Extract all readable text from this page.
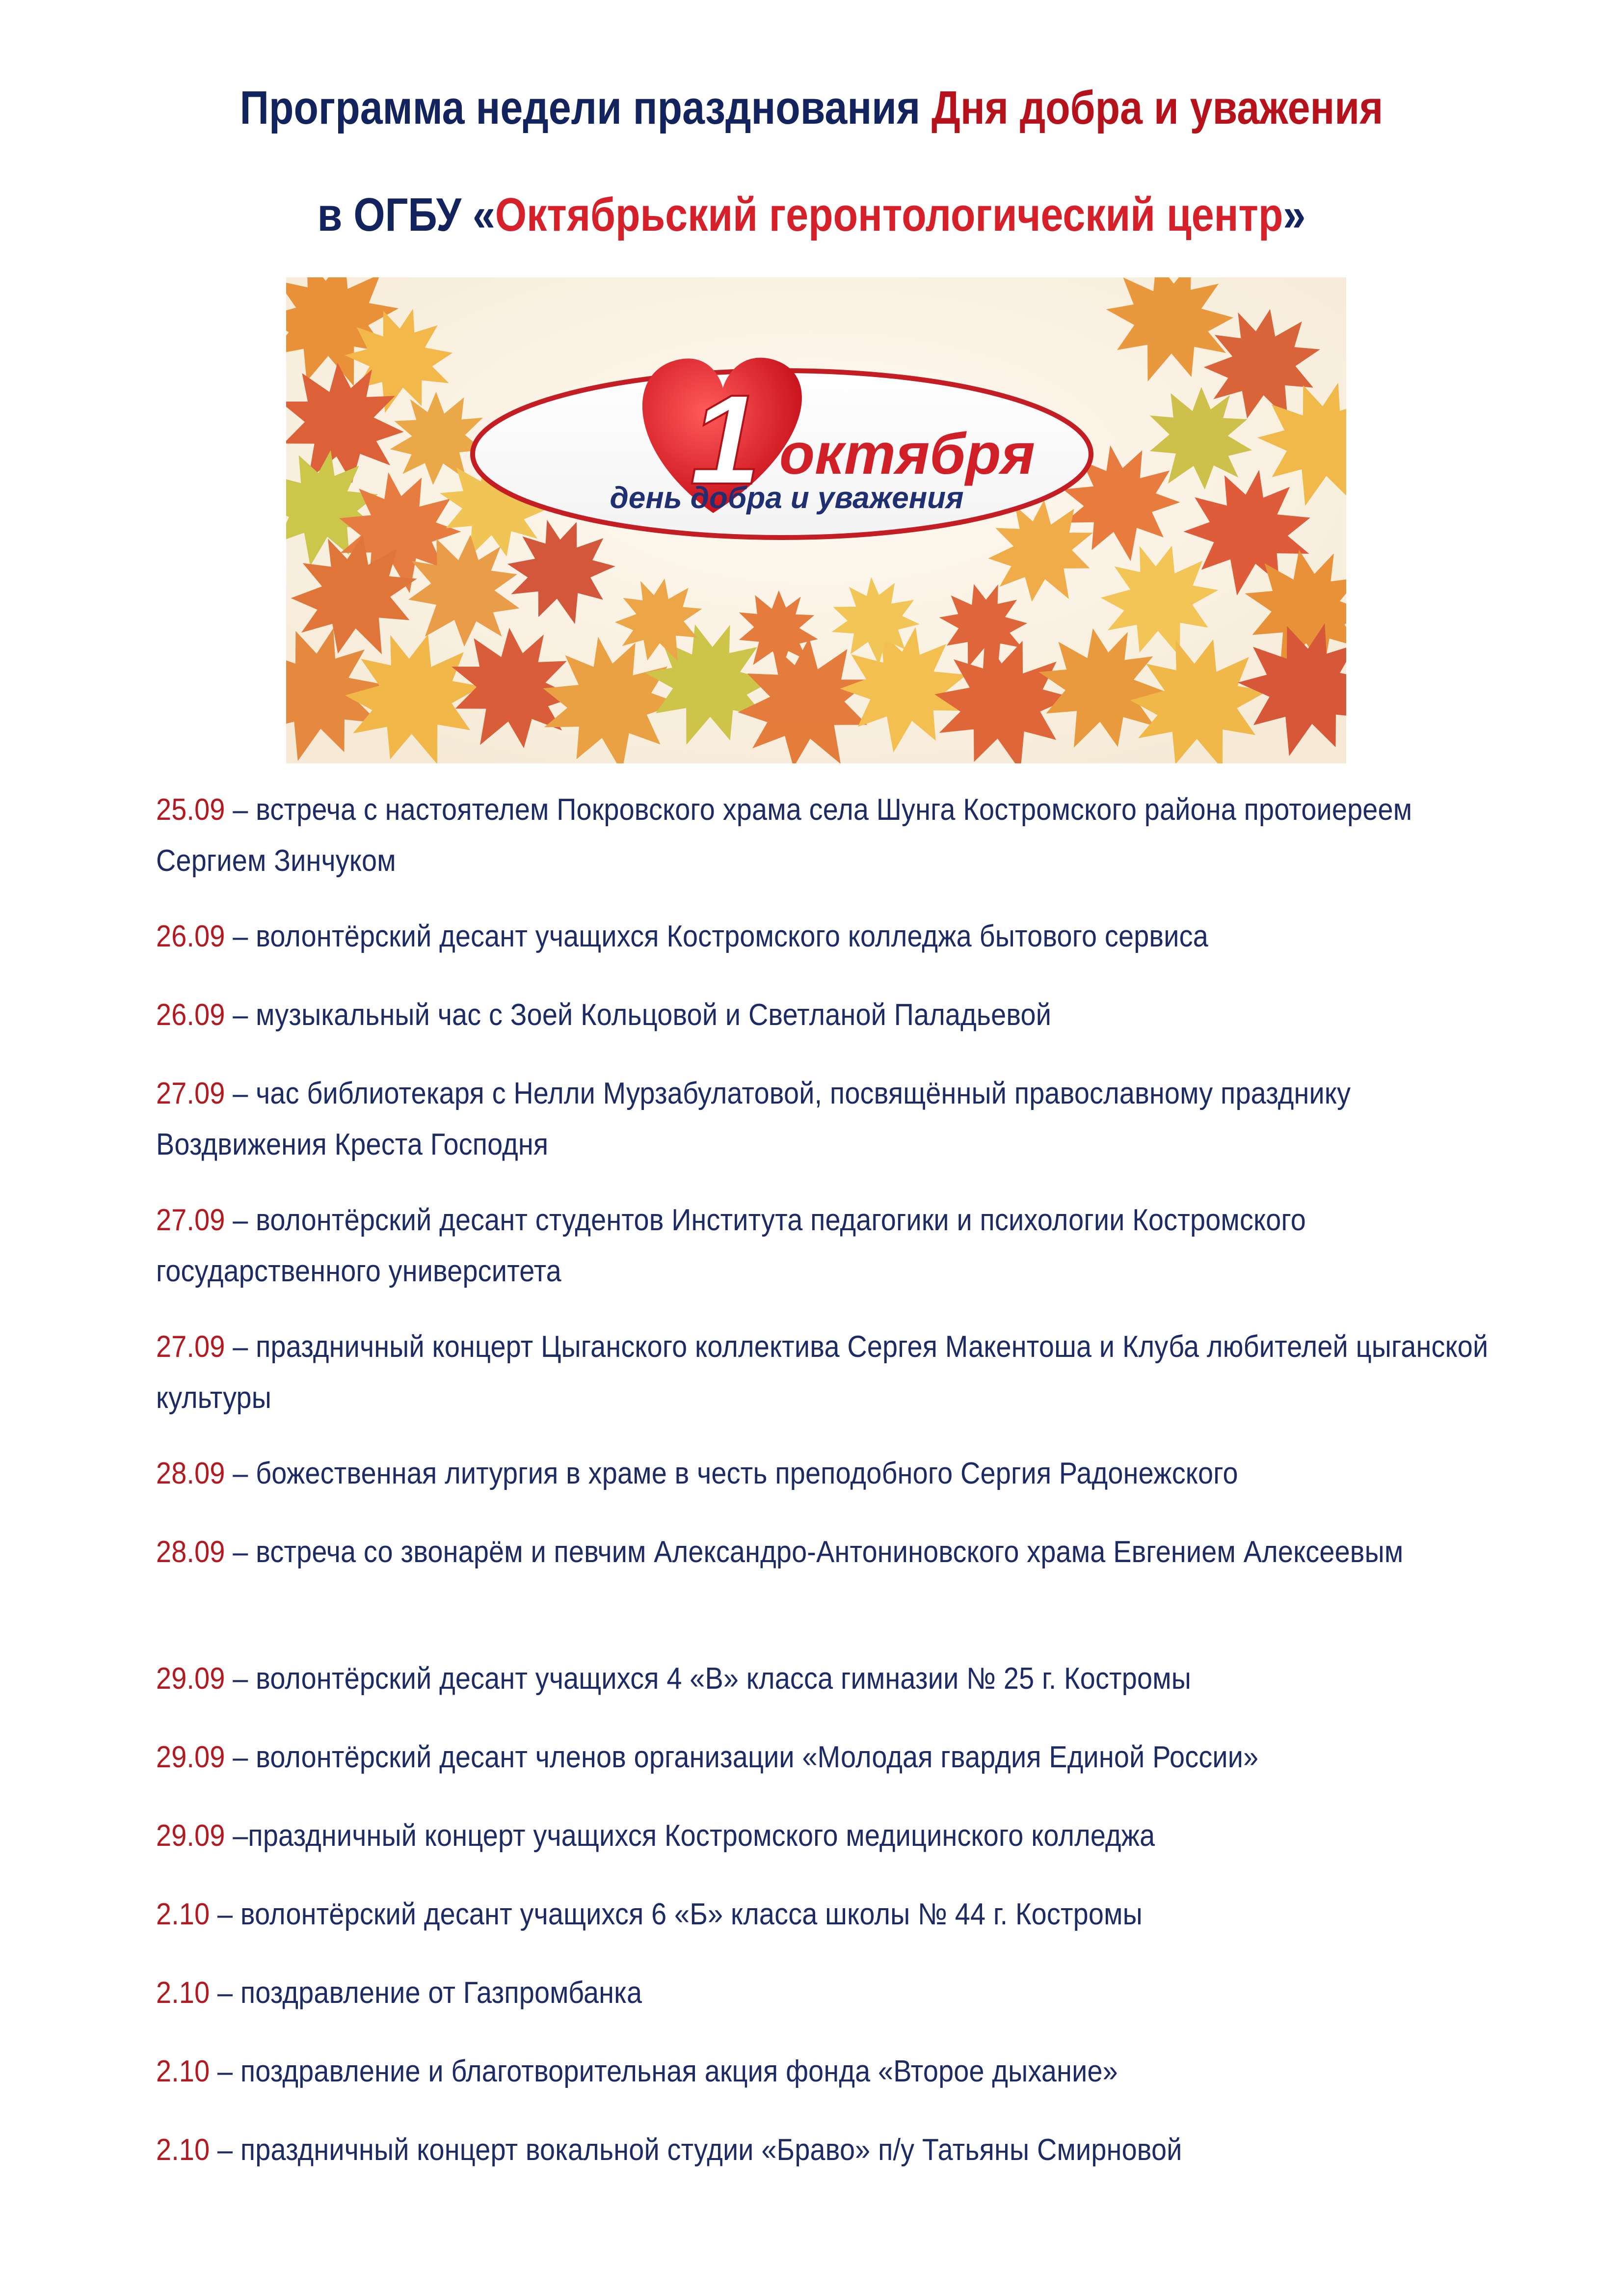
Программа недели празднования Дня добра и уважения
в ОГБУ «Октябрьский геронтологический центр»
1 октября
день добра и уважения

25.09 – встреча с настоятелем Покровского храма села Шунга Костромского района протоиереем Сергием Зинчуком

26.09 – волонтёрский десант учащихся Костромского колледжа бытового сервиса

26.09 – музыкальный час с Зоей Кольцовой и Светланой Паладьевой

27.09 – час библиотекаря с Нелли Мурзабулатовой, посвящённый православному празднику Воздвижения Креста Господня

27.09 – волонтёрский десант студентов Института педагогики и психологии Костромского государственного университета

27.09 – праздничный концерт Цыганского коллектива Сергея Макентоша и Клуба любителей цыганской культуры

28.09 – божественная литургия в храме в честь преподобного Сергия Радонежского

28.09 – встреча со звонарём и певчим Александро-Антониновского храма Евгением Алексеевым

29.09 – волонтёрский десант учащихся 4 «В» класса гимназии № 25 г. Костромы

29.09 – волонтёрский десант членов организации «Молодая гвардия Единой России»

29.09 –праздничный концерт учащихся Костромского медицинского колледжа

2.10 – волонтёрский десант учащихся 6 «Б» класса школы № 44 г. Костромы

2.10 – поздравление от Газпромбанка

2.10 – поздравление и благотворительная акция фонда «Второе дыхание»

2.10 – праздничный концерт вокальной студии «Браво» п/у Татьяны Смирновой
